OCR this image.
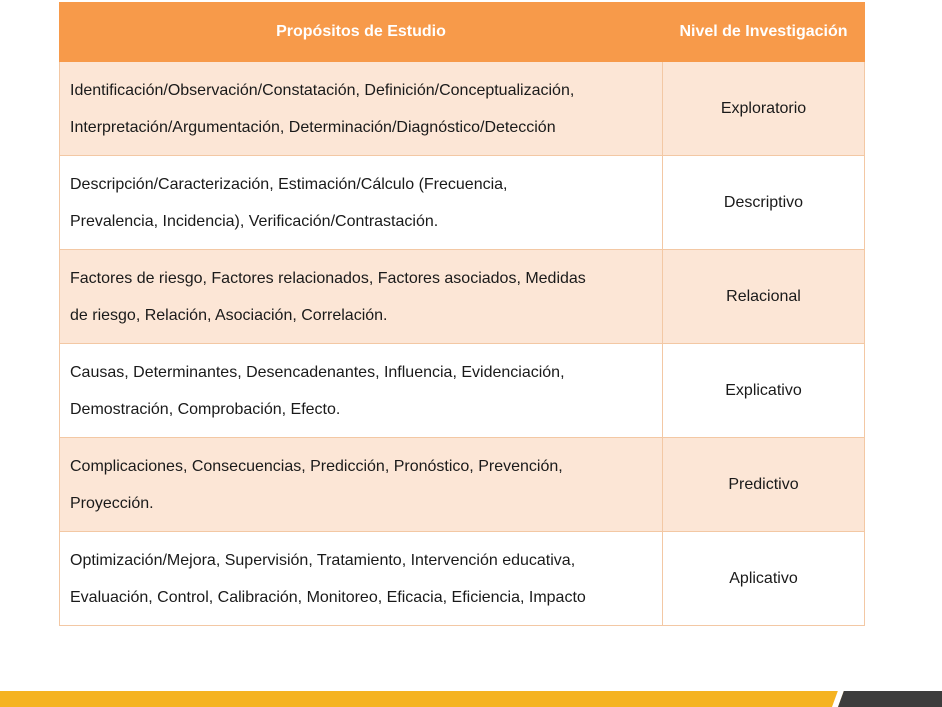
Propósitos de Estudio	Nivel de Investigación
Identificación/Observación/Constatación, Definición/Conceptualización,
Interpretación/Argumentación, Determinación/Diagnóstico/Detección	Exploratorio
Descripción/Caracterización, Estimación/Cálculo (Frecuencia,
Prevalencia, Incidencia), Verificación/Contrastación.	Descriptivo
Factores de riesgo, Factores relacionados, Factores asociados, Medidas
de riesgo, Relación, Asociación, Correlación.	Relacional
Causas, Determinantes, Desencadenantes, Influencia, Evidenciación,
Demostración, Comprobación, Efecto.	Explicativo
Complicaciones, Consecuencias, Predicción, Pronóstico, Prevención,
Proyección.	Predictivo
Optimización/Mejora, Supervisión, Tratamiento, Intervención educativa,
Evaluación, Control, Calibración, Monitoreo, Eficacia, Eficiencia, Impacto	Aplicativo
